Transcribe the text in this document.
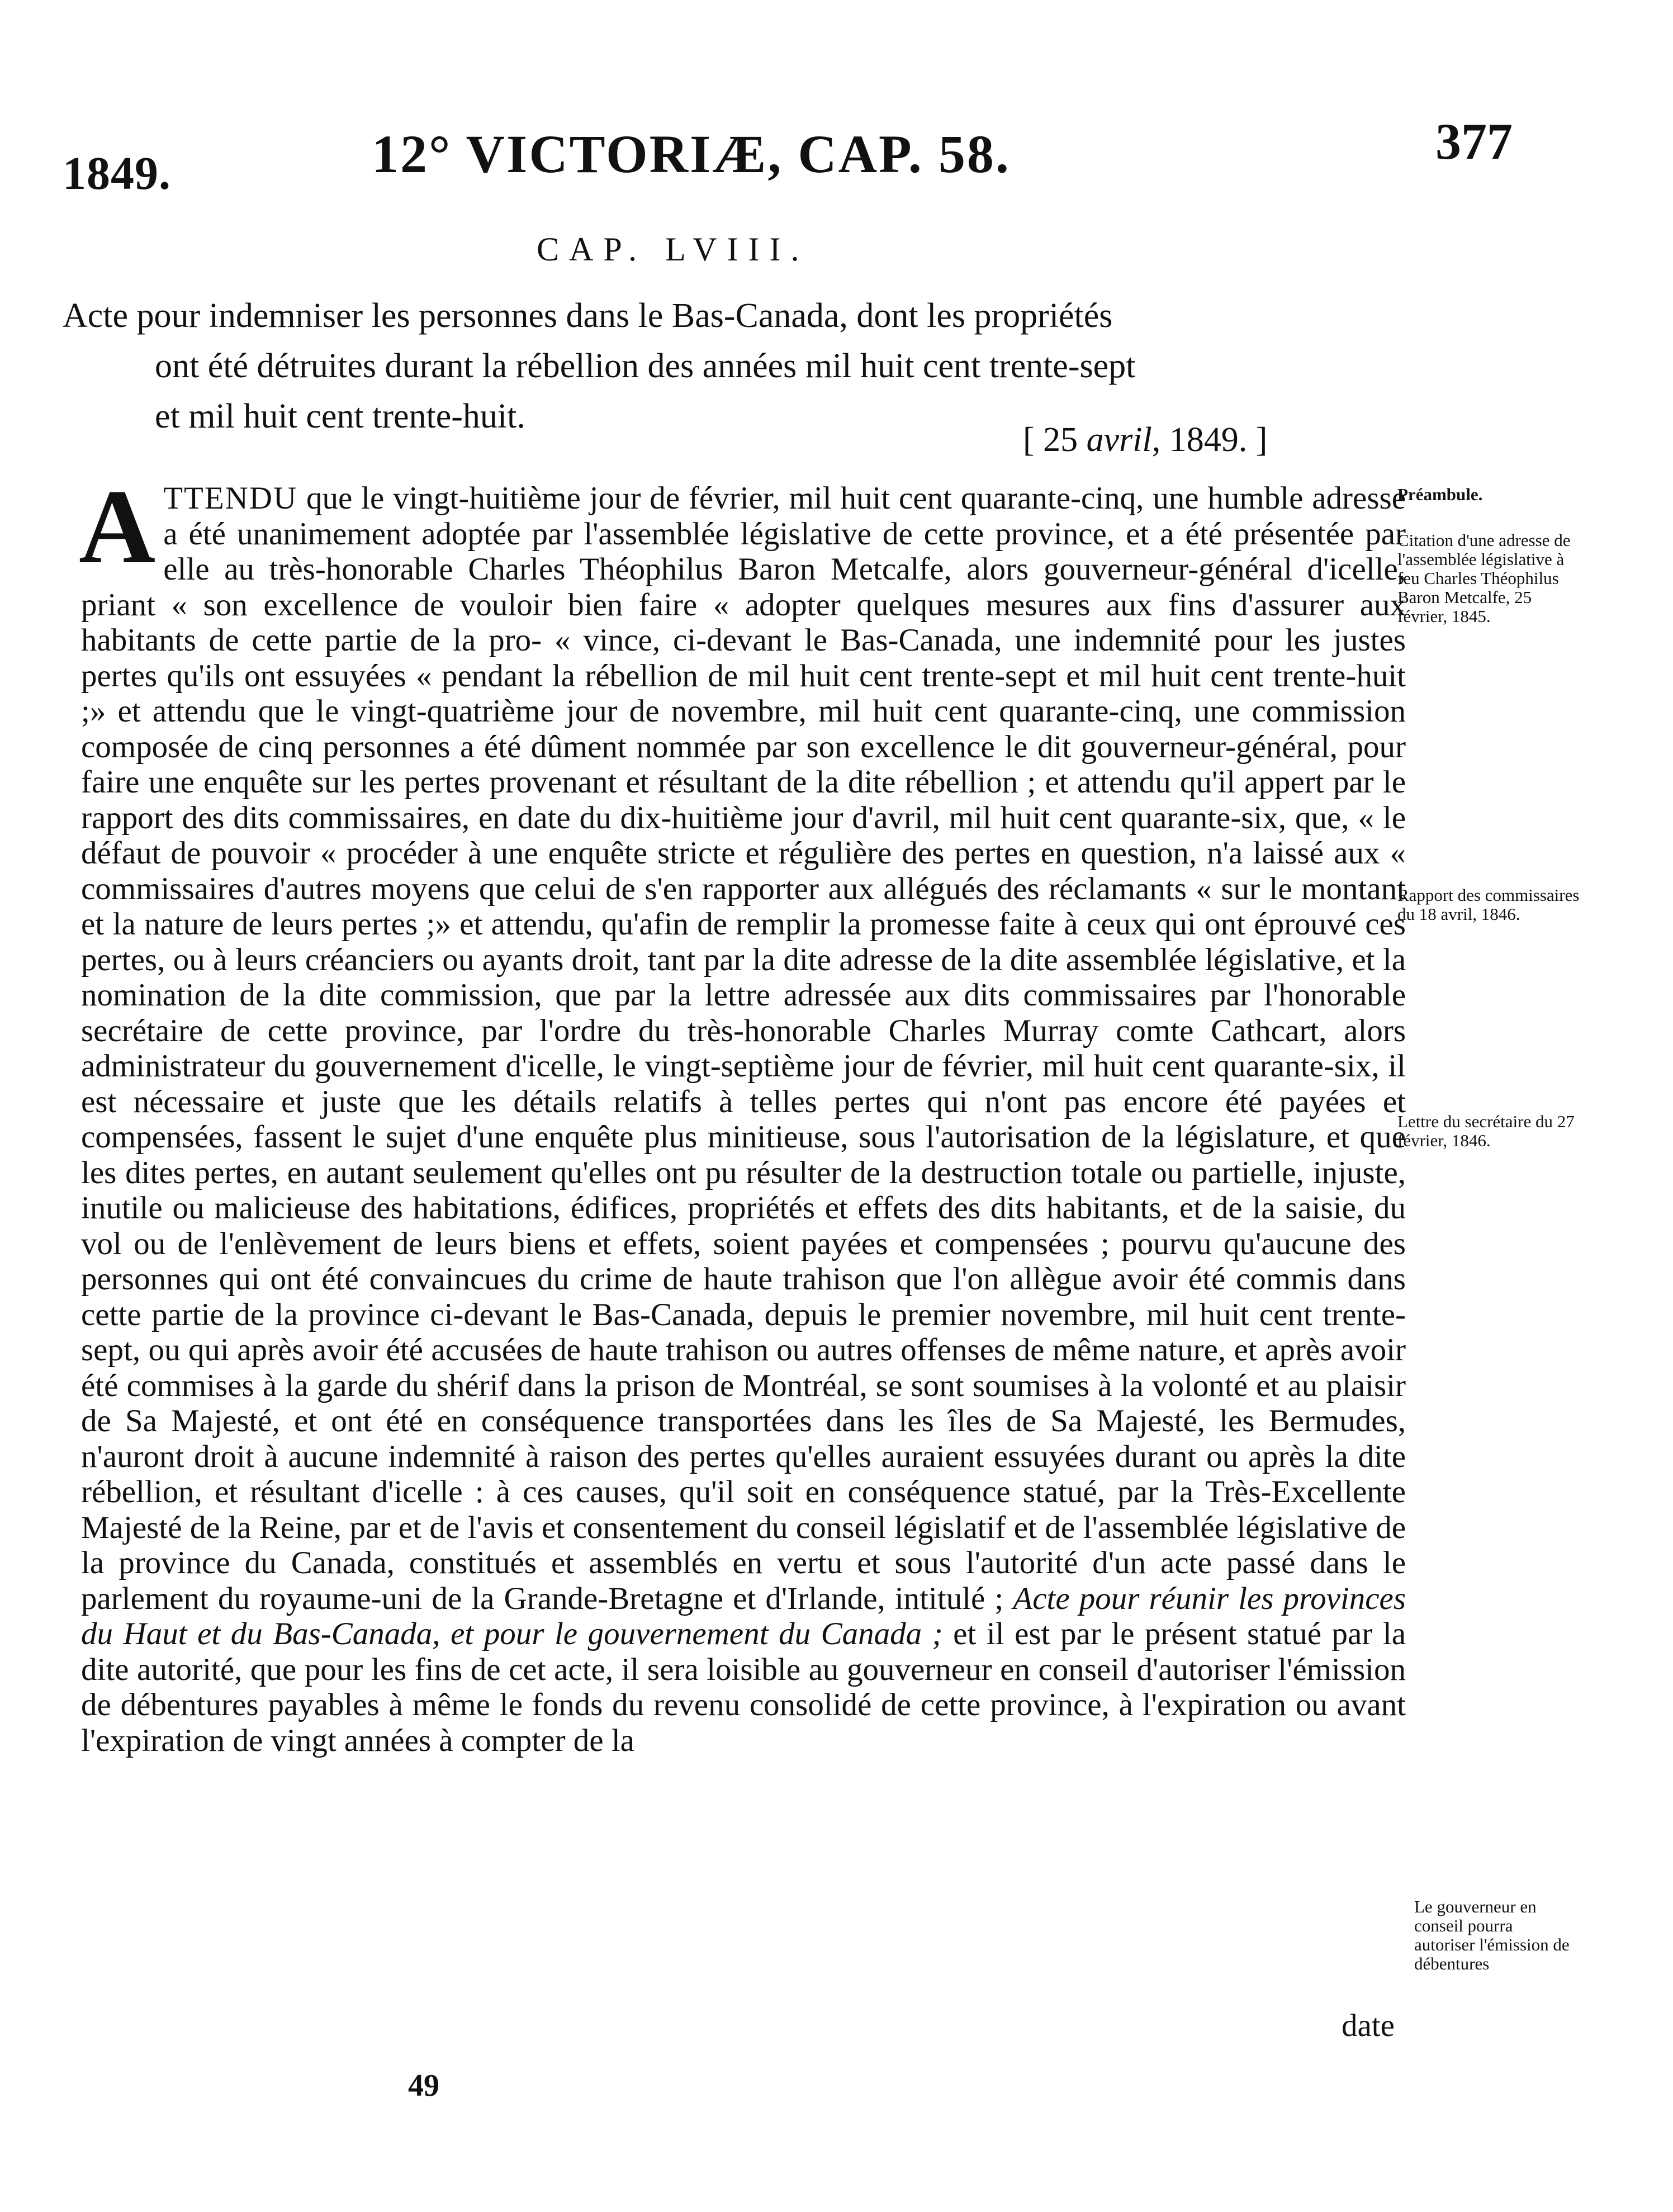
1849.	12° VICTORIÆ, CAP. 58.	377
CAP. LVIII.
Acte pour indemniser les personnes dans le Bas-Canada, dont les propriétés
ont été détruites durant la rébellion des années mil huit cent trente-sept
et mil huit cent trente-huit.
[ 25 avril, 1849. ]
ATTENDU que le vingt-huitième jour de février, mil huit cent quarante-cinq, une humble adresse a été unanimement adoptée par l'assemblée législative de cette province, et a été présentée par elle au très-honorable Charles Théophilus Baron Metcalfe, alors gouverneur-général d'icelle, priant « son excellence de vouloir bien faire « adopter quelques mesures aux fins d'assurer aux habitants de cette partie de la pro- « vince, ci-devant le Bas-Canada, une indemnité pour les justes pertes qu'ils ont essuyées « pendant la rébellion de mil huit cent trente-sept et mil huit cent trente-huit ;» et attendu que le vingt-quatrième jour de novembre, mil huit cent quarante-cinq, une commission composée de cinq personnes a été dûment nommée par son excellence le dit gouverneur-général, pour faire une enquête sur les pertes provenant et résultant de la dite rébellion ; et attendu qu'il appert par le rapport des dits commissaires, en date du dix-huitième jour d'avril, mil huit cent quarante-six, que, « le défaut de pouvoir « procéder à une enquête stricte et régulière des pertes en question, n'a laissé aux « commissaires d'autres moyens que celui de s'en rapporter aux allégués des réclamants « sur le montant et la nature de leurs pertes ;» et attendu, qu'afin de remplir la promesse faite à ceux qui ont éprouvé ces pertes, ou à leurs créanciers ou ayants droit, tant par la dite adresse de la dite assemblée législative, et la nomination de la dite commission, que par la lettre adressée aux dits commissaires par l'honorable secrétaire de cette province, par l'ordre du très-honorable Charles Murray comte Cathcart, alors administrateur du gouvernement d'icelle, le vingt-septième jour de février, mil huit cent quarante-six, il est nécessaire et juste que les détails relatifs à telles pertes qui n'ont pas encore été payées et compensées, fassent le sujet d'une enquête plus minitieuse, sous l'autorisation de la législature, et que les dites pertes, en autant seulement qu'elles ont pu résulter de la destruction totale ou partielle, injuste, inutile ou malicieuse des habitations, édifices, propriétés et effets des dits habitants, et de la saisie, du vol ou de l'enlèvement de leurs biens et effets, soient payées et compensées ; pourvu qu'aucune des personnes qui ont été convaincues du crime de haute trahison que l'on allègue avoir été commis dans cette partie de la province ci-devant le Bas-Canada, depuis le premier novembre, mil huit cent trente-sept, ou qui après avoir été accusées de haute trahison ou autres offenses de même nature, et après avoir été commises à la garde du shérif dans la prison de Montréal, se sont soumises à la volonté et au plaisir de Sa Majesté, et ont été en conséquence transportées dans les îles de Sa Majesté, les Bermudes, n'auront droit à aucune indemnité à raison des pertes qu'elles auraient essuyées durant ou après la dite rébellion, et résultant d'icelle : à ces causes, qu'il soit en conséquence statué, par la Très-Excellente Majesté de la Reine, par et de l'avis et consentement du conseil législatif et de l'assemblée législative de la province du Canada, constitués et assemblés en vertu et sous l'autorité d'un acte passé dans le parlement du royaume-uni de la Grande-Bretagne et d'Irlande, intitulé ; Acte pour réunir les provinces du Haut et du Bas-Canada, et pour le gouvernement du Canada ; et il est par le présent statué par la dite autorité, que pour les fins de cet acte, il sera loisible au gouverneur en conseil d'autoriser l'émission de débentures payables à même le fonds du revenu consolidé de cette province, à l'expiration ou avant l'expiration de vingt années à compter de la
date
Préambule.
Citation d'une adresse de l'assemblée législative à feu Charles Théophilus Baron Metcalfe, 25 février, 1845.
Rapport des commissaires du 18 avril, 1846.
Lettre du secrétaire du 27 février, 1846.
Le gouverneur en conseil pourra autoriser l'émission de débentures
49
